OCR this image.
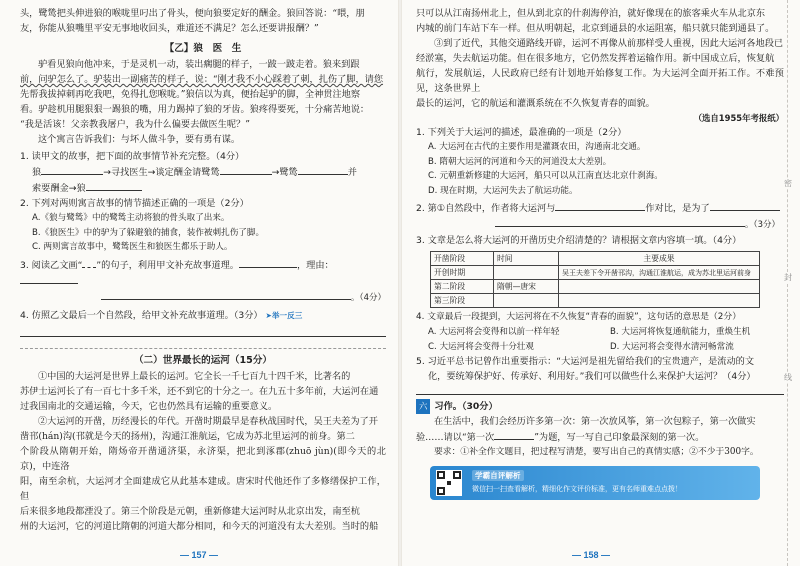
头，鹭鸶把头伸进狼的喉咙里叼出了骨头，便向狼要定好的酬金。狼回答说：“喂，朋

友，你能从狼嘴里平安无事地收回头，难道还不满足？怎么还要讲报酬？”

【乙】狼　医　生

驴看见狼向他冲来，于是灵机一动，装出瘸腿的样子，一跛一跛走着。狼来到跟

前，问驴怎么了。驴装出一副痛苦的样子，说：“刚才我不小心踩着了刺，扎伤了脚，请您

先帮我拔掉刺再吃我吧，免得扎您喉咙。”狼信以为真，便抬起驴的脚，全神贯注地察

看。驴趁机用腿狠狠一踢狼的嘴，用力踢掉了狼的牙齿。狼疼得要死，十分痛苦地说：

“我是活该！父亲教我屠户，我为什么偏要去做医生呢？”

这个寓言告诉我们：与坏人做斗争，要有勇有谋。

1. 读甲文的故事，把下面的故事情节补充完整。（4分）

狼	→寻找医生→谈定酬金请鹭鸶	→鹭鸶	并

索要酬金→狼

2. 下列对两则寓言故事的情节描述正确的一项是（2分）

A.《狼与鹭鸶》中的鹭鸶主动将狼的骨头取了出来。

B.《狼医生》中的驴为了躲避狼的捕食，装作被刺扎伤了脚。

C. 两则寓言故事中，鹭鸶医生和狼医生都乐于助人。

3. 阅读乙文画“ ”的句子，利用甲文补充故事道理。	，理由：

。（4分）

4. 仿照乙文最后一个自然段，给甲文补充故事道理。（3分） ➤举一反三

（二）世界最长的运河（15分）

①中国的大运河是世界上最长的运河。它全长一千七百九十四千米，比著名的

苏伊士运河长了有一百七十多千米，还不到它的十分之一。在九五十多年前，大运河在通

过我国南北的交通运输，今天，它也仍然具有运输的重要意义。

②大运河的开凿，历经漫长的年代。开凿时期最早是春秋战国时代，吴王夫差为了开

凿邗(hán)沟(邗就是今天的扬州)，沟通江淮航运，它成为苏北里运河的前身。第二

个阶段从隋朝开始，隋炀帝开凿通济渠，永济渠，把北到涿郡(zhuō jùn)(即今天的北京)，中连洛

阳，南至余杭，大运河才全面建成它从此基本建成。唐宋时代他还作了多修缮保护工作，但

后来很多地段都湮没了。第三个阶段是元朝，重新修建大运河时从北京出发，南至杭

州的大运河，它的河道比隋朝的河道大都分相同，和今天的河道没有太大差别。当时的船

— 157 —

只可以从江南扬州北上，但从到北京的什刹海停泊，就好像现在的旅客乘火车从北京东

内城的前门车站下车一样。但从明朝起，北京到通县的水运阻塞，船只就只能到通县了。

③到了近代，其他交通路线开辟，运河不再像从前那样受人重视，因此大运河各地段已

经淤塞，失去航运功能。但在很多地方，它仍然发挥着运输作用。新中国成立后，恢复航

航行，发展航运，人民政府已经有计划地开始修复工作。为大运河全面开拓工作。不难预见，这条世界上

最长的运河，它的航运和灌溉系统在不久恢复青春的面貌。

（选自1955年考报纸）

1. 下列关于大运河的描述，最准确的一项是（2分）

A. 大运河在古代的主要作用是灌溉农田，沟通南北交通。

B. 隋朝大运河的河道和今天的河道没太大差别。

C. 元朝重新修建的大运河，船只可以从江南直达北京什刹海。

D. 现在时期，大运河失去了航运功能。

2. 第①自然段中，作者将大运河与	作对比，是为了

。（3分）

3. 文章是怎么将大运河的开凿历史介绍清楚的？请根据文章内容填一填。（4分）

开凿阶段	时间	主要成果
开创时期		吴王夫差下令开凿邗沟，沟通江淮航运，成为苏北里运河前身
第二阶段	隋朝—唐宋	
第三阶段		

4. 文章最后一段提到，大运河将在不久恢复“青春的面貌”，这句话的意思是（2分）

A. 大运河将会变得和以前一样年轻	B. 大运河将恢复通航能力，重焕生机

C. 大运河将会变得十分壮观	D. 大运河将会变得水清河畅常流

5. 习近平总书记曾作出重要指示：“大运河是祖先留给我们的宝贵遗产，是流动的文

化，要统筹保护好、传承好、利用好。”我们可以做些什么来保护大运河？（4分）

六 习作。（30分）

在生活中，我们会经历许多第一次：第一次放风筝，第一次包粽子，第一次做实

验……请以“第一次	”为题，写一写自己印象最深刻的第一次。

要求：①补全作文题目，把过程写清楚，要写出自己的真情实感；②不少于300字。

学霸自评解析
微信扫一扫查看解析，精细化作文评价标准，更有名师重难点点拨！
— 158 —
密
封
线
